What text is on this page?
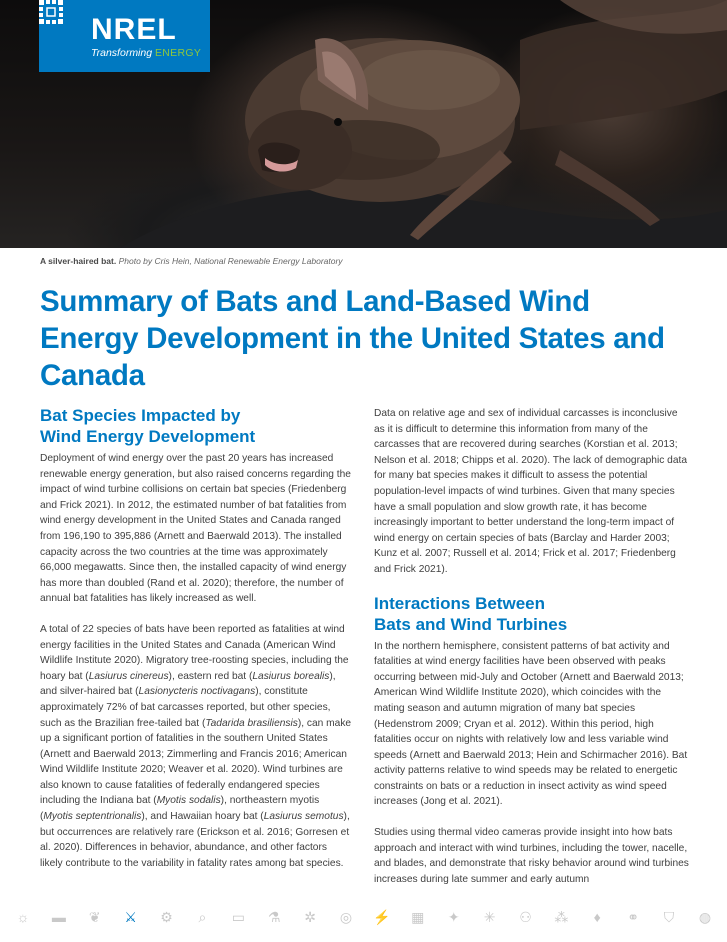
NREL
Transforming ENERGY
A silver-haired bat. Photo by Cris Hein, National Renewable Energy Laboratory
Summary of Bats and Land-Based Wind Energy Development in the United States and Canada
Bat Species Impacted by
Wind Energy Development

Deployment of wind energy over the past 20 years has increased renewable energy generation, but also raised concerns regarding the impact of wind turbine collisions on certain bat species (Friedenberg and Frick 2021). In 2012, the estimated number of bat fatalities from wind energy development in the United States and Canada ranged from 196,190 to 395,886 (Arnett and Baerwald 2013). The installed capacity across the two countries at the time was approximately 66,000 megawatts. Since then, the installed capacity of wind energy has more than doubled (Rand et al. 2020); therefore, the number of annual bat fatalities has likely increased as well.

A total of 22 species of bats have been reported as fatalities at wind energy facilities in the United States and Canada (American Wind Wildlife Institute 2020). Migratory tree-roosting species, including the hoary bat (Lasiurus cinereus), eastern red bat (Lasiurus borealis), and silver-haired bat (Lasionycteris noctivagans), constitute approximately 72% of bat carcasses reported, but other species, such as the Brazilian free-tailed bat (Tadarida brasiliensis), can make up a significant portion of fatalities in the southern United States (Arnett and Baerwald 2013; Zimmerling and Francis 2016; American Wind Wildlife Institute 2020; Weaver et al. 2020). Wind turbines are also known to cause fatalities of federally endangered species including the Indiana bat (Myotis sodalis), northeastern myotis (Myotis septentrionalis), and Hawaiian hoary bat (Lasiurus semotus), but occurrences are relatively rare (Erickson et al. 2016; Gorresen et al. 2020). Differences in behavior, abundance, and other factors likely contribute to the variability in fatality rates among bat species.

Data on relative age and sex of individual carcasses is inconclusive as it is difficult to determine this information from many of the carcasses that are recovered during searches (Korstian et al. 2013; Nelson et al. 2018; Chipps et al. 2020). The lack of demographic data for many bat species makes it difficult to assess the potential population-level impacts of wind turbines. Given that many species have a small population and slow growth rate, it has become increasingly important to better understand the long-term impact of wind energy on certain species of bats (Barclay and Harder 2003; Kunz et al. 2007; Russell et al. 2014; Frick et al. 2017; Friedenberg and Frick 2021).

Interactions Between
Bats and Wind Turbines

In the northern hemisphere, consistent patterns of bat activity and fatalities at wind energy facilities have been observed with peaks occurring between mid-July and October (Arnett and Baerwald 2013; American Wind Wildlife Institute 2020), which coincides with the mating season and autumn migration of many bat species (Hedenstrom 2009; Cryan et al. 2012). Within this period, high fatalities occur on nights with relatively low and less variable wind speeds (Arnett and Baerwald 2013; Hein and Schirmacher 2016). Bat activity patterns relative to wind speeds may be related to energetic constraints on bats or a reduction in insect activity as wind speed increases (Jong et al. 2021).

Studies using thermal video cameras provide insight into how bats approach and interact with wind turbines, including the tower, nacelle, and blades, and demonstrate that risky behavior around wind turbines increases during late summer and early autumn

☼ ▬ ❦ ⚔ ⚙	⌕	▭ ⚗ ✲ ◎ ⚡ ▦ ✦ ✳ ⚇ ⁂	♦	⚭ ⛉ ◍
